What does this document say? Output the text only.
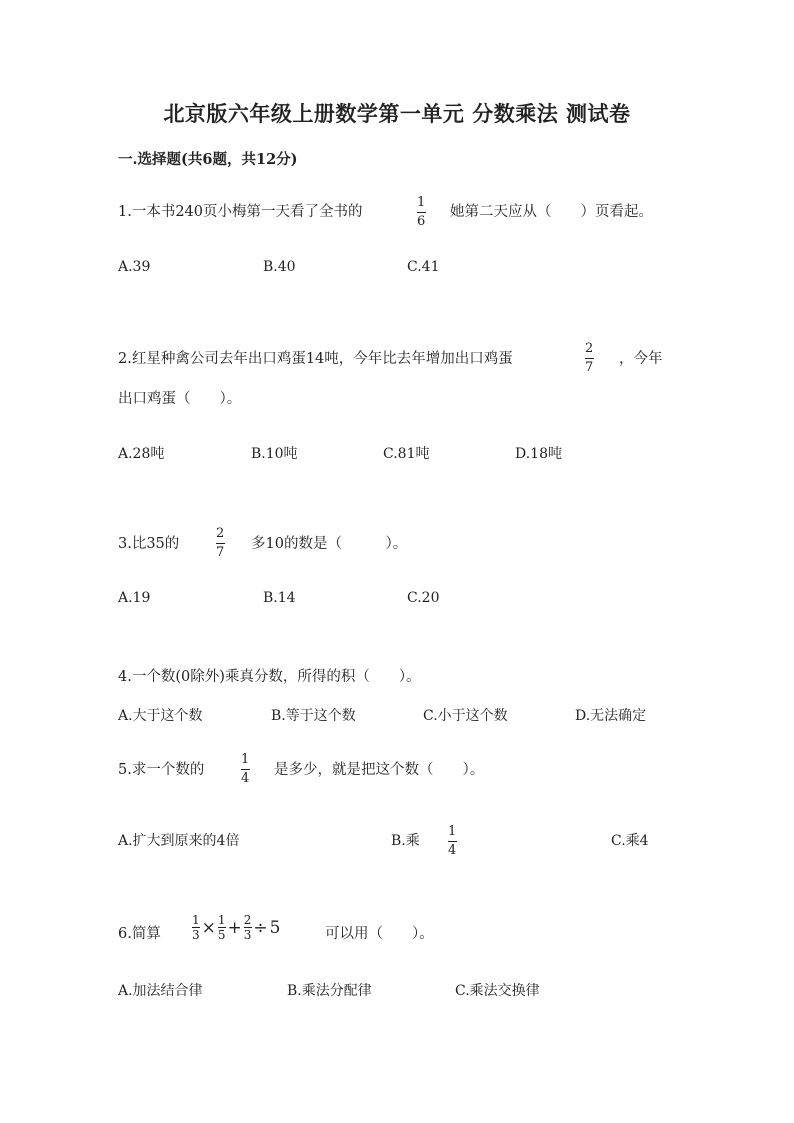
北京版六年级上册数学第一单元 分数乘法 测试卷
一.选择题(共6题，共12分)
1.一本书240页小梅第一天看了全书的
1
6
她第二天应从（　　）页看起。
A.39	B.40	C.41
2.红星种禽公司去年出口鸡蛋14吨，今年比去年增加出口鸡蛋
2
7
，今年
出口鸡蛋（　　）。
A.28吨	B.10吨	C.81吨	D.18吨
3.比35的
2
7
多10的数是（　　　）。
A.19	B.14	C.20
4.一个数(0除外)乘真分数，所得的积（　　）。
A.大于这个数	B.等于这个数	C.小于这个数	D.无法确定
5.求一个数的
1
4
是多少，就是把这个数（　　）。
A.扩大到原来的4倍	B.乘
1
4
C.乘4
6.简算	$\frac{1}{3} \times \frac{1}{5} + \frac{2}{3} \div 5$	可以用（　　）。
A.加法结合律	B.乘法分配律	C.乘法交换律
